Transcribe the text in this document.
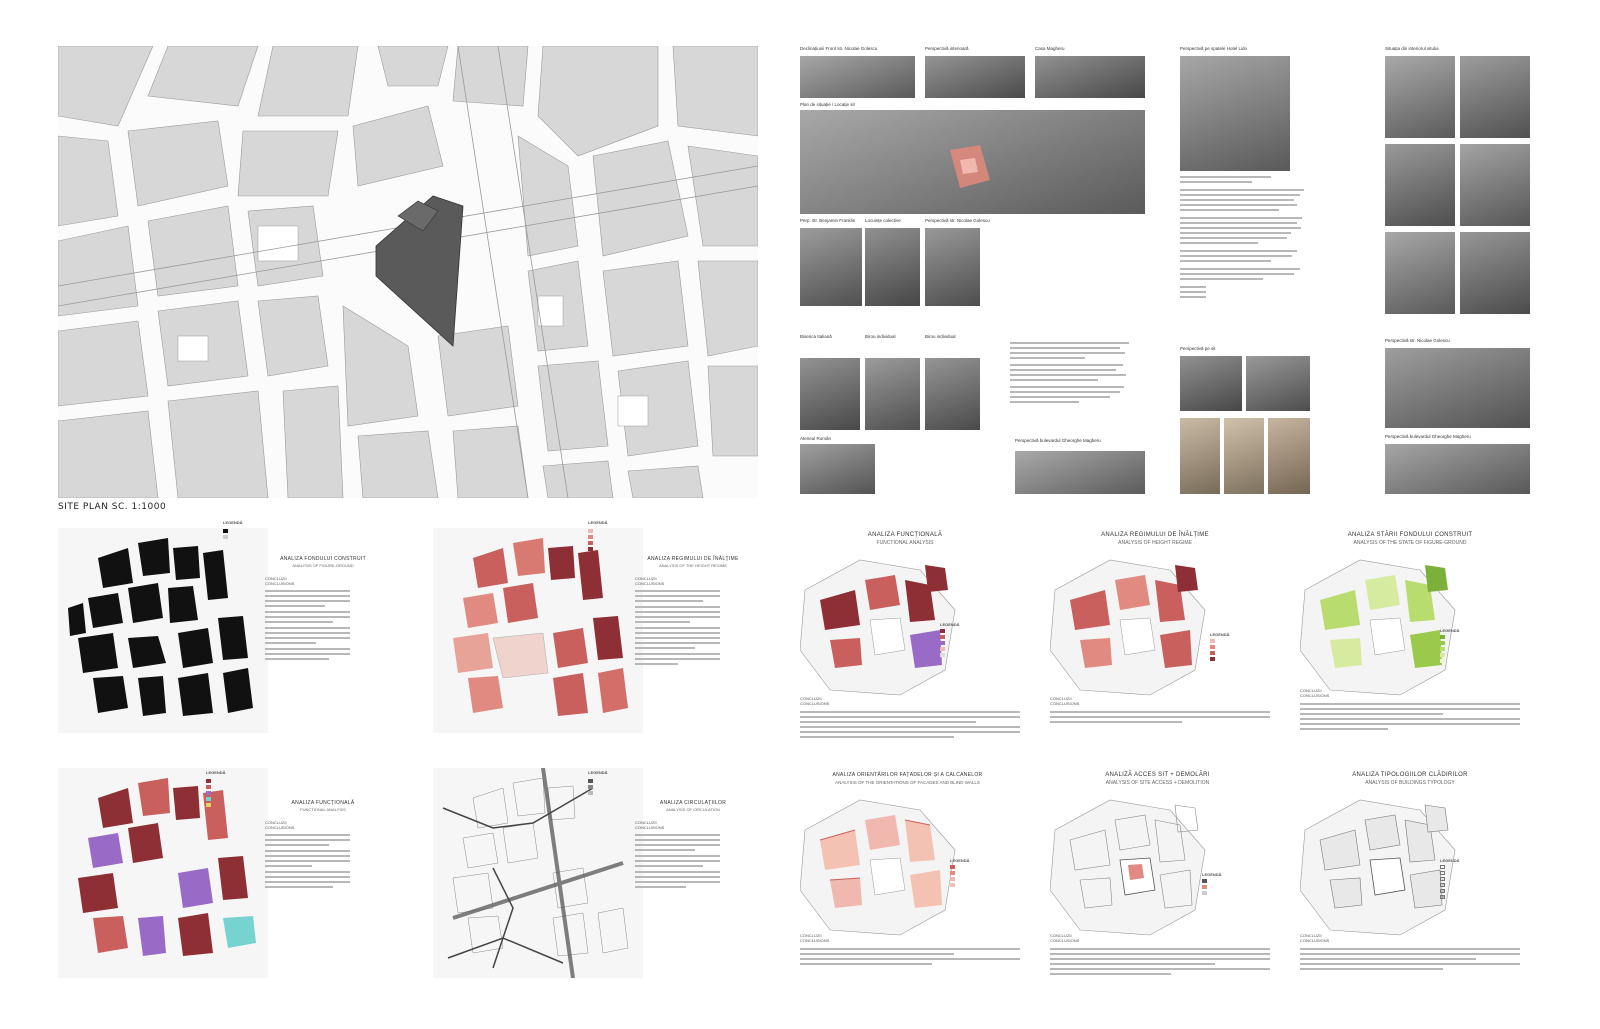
SITE PLAN SC. 1:1000
Declinațiunii Front str. Nicolae Golescu	Perspectivă interioară	Casa Magheru
Plan de situație / Locație sit
Perp. str. Benjamin Franklin Locuințe colective	Perspectivă str. Nicolae Golescu
Biserica Italiană	Birou individual	Birou individual
Ateneul Român	Perspectivă bulevardul Gheorghe Magheru
Perspectivă pe spatele Hotel Lido
Perspectivă pe sit
Situația din interiorul sitului
Perspectivă str. Nicolae Golescu
Perspectivă bulevardul Gheorghe Magheru
LEGENDĂ
ANALIZA FONDULUI CONSTRUIT
ANALYSIS OF FIGURE-GROUND
CONCLUZII
CONCLUSIONS
LEGENDĂ
ANALIZA REGIMULUI DE ÎNĂLȚIME
ANALYSIS OF THE HEIGHT REGIME
CONCLUZII
CONCLUSIONS
LEGENDĂ
ANALIZA FUNCȚIONALĂ
FUNCTIONAL ANALYSIS
CONCLUZII
CONCLUSIONS
LEGENDĂ
ANALIZA CIRCULAȚIILOR
ANALYSIS OF CIRCULATION
CONCLUZII
CONCLUSIONS
ANALIZA FUNCȚIONALĂ
FUNCTIONAL ANALYSIS
LEGENDĂ
CONCLUZII
CONCLUSIONS
ANALIZA REGIMULUI DE ÎNĂLȚIME
ANALYSIS OF HEIGHT REGIME
LEGENDĂ
CONCLUZII
CONCLUSIONS
ANALIZA STĂRII FONDULUI CONSTRUIT
ANALYSIS OF THE STATE OF FIGURE-GROUND
LEGENDĂ
CONCLUZII
CONCLUSIONS
ANALIZA ORIENTĂRILOR FAȚADELOR ȘI A CALCANELOR
ANALYSIS OF THE ORIENTATIONS OF FACADES AND BLIND WALLS
LEGENDĂ
CONCLUZII
CONCLUSIONS
ANALIZĂ ACCES SIT + DEMOLĂRI
ANALYSIS OF SITE ACCESS + DEMOLITION
LEGENDĂ
CONCLUZII
CONCLUSIONS
ANALIZA TIPOLOGIILOR CLĂDIRILOR
ANALYSIS OF BUILDINGS TYPOLOGY
LEGENDĂ
CONCLUZII
CONCLUSIONS
